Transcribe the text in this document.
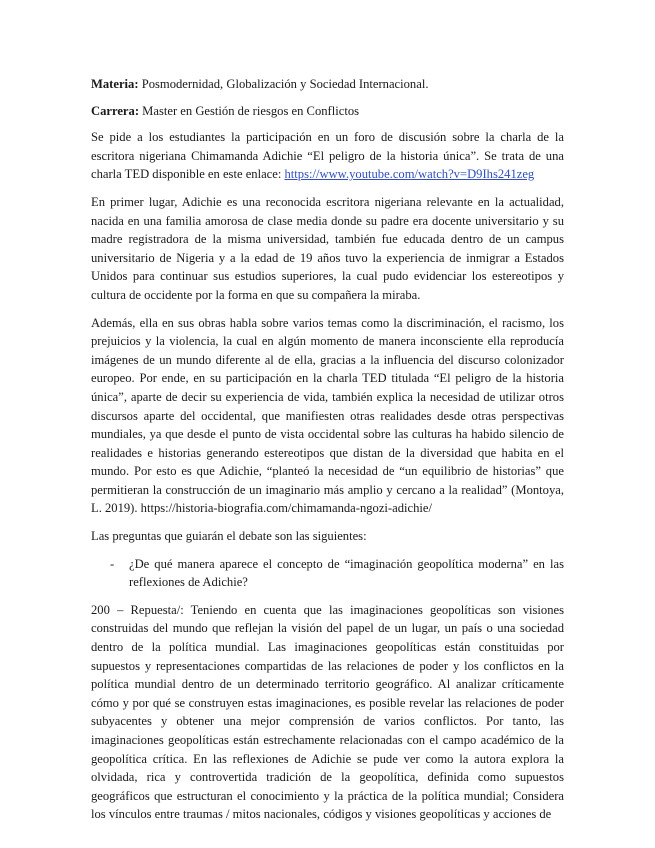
Materia: Posmodernidad, Globalización y Sociedad Internacional.

Carrera: Master en Gestión de riesgos en Conflictos

Se pide a los estudiantes la participación en un foro de discusión sobre la charla de la escritora nigeriana Chimamanda Adichie “El peligro de la historia única”. Se trata de una charla TED disponible en este enlace: https://www.youtube.com/watch?v=D9Ihs241zeg

En primer lugar, Adichie es una reconocida escritora nigeriana relevante en la actualidad, nacida en una familia amorosa de clase media donde su padre era docente universitario y su madre registradora de la misma universidad, también fue educada dentro de un campus universitario de Nigeria y a la edad de 19 años tuvo la experiencia de inmigrar a Estados Unidos para continuar sus estudios superiores, la cual pudo evidenciar los estereotipos y cultura de occidente por la forma en que su compañera la miraba.

Además, ella en sus obras habla sobre varios temas como la discriminación, el racismo, los prejuicios y la violencia, la cual en algún momento de manera inconsciente ella reproducía imágenes de un mundo diferente al de ella, gracias a la influencia del discurso colonizador europeo. Por ende, en su participación en la charla TED titulada “El peligro de la historia única”, aparte de decir su experiencia de vida, también explica la necesidad de utilizar otros discursos aparte del occidental, que manifiesten otras realidades desde otras perspectivas mundiales, ya que desde el punto de vista occidental sobre las culturas ha habido silencio de realidades e historias generando estereotipos que distan de la diversidad que habita en el mundo. Por esto es que Adichie, “planteó la necesidad de “un equilibrio de historias” que permitieran la construcción de un imaginario más amplio y cercano a la realidad” (Montoya, L. 2019). https://historia-biografia.com/chimamanda-ngozi-adichie/

Las preguntas que guiarán el debate son las siguientes:

-	¿De qué manera aparece el concepto de “imaginación geopolítica moderna” en las reflexiones de Adichie?

200 – Repuesta/: Teniendo en cuenta que las imaginaciones geopolíticas son visiones construidas del mundo que reflejan la visión del papel de un lugar, un país o una sociedad dentro de la política mundial. Las imaginaciones geopolíticas están constituidas por supuestos y representaciones compartidas de las relaciones de poder y los conflictos en la política mundial dentro de un determinado territorio geográfico. Al analizar críticamente cómo y por qué se construyen estas imaginaciones, es posible revelar las relaciones de poder subyacentes y obtener una mejor comprensión de varios conflictos. Por tanto, las imaginaciones geopolíticas están estrechamente relacionadas con el campo académico de la geopolítica crítica. En las reflexiones de Adichie se pude ver como la autora explora la olvidada, rica y controvertida tradición de la geopolítica, definida como supuestos geográficos que estructuran el conocimiento y la práctica de la política mundial; Considera los vínculos entre traumas / mitos nacionales, códigos y visiones geopolíticas y acciones de
